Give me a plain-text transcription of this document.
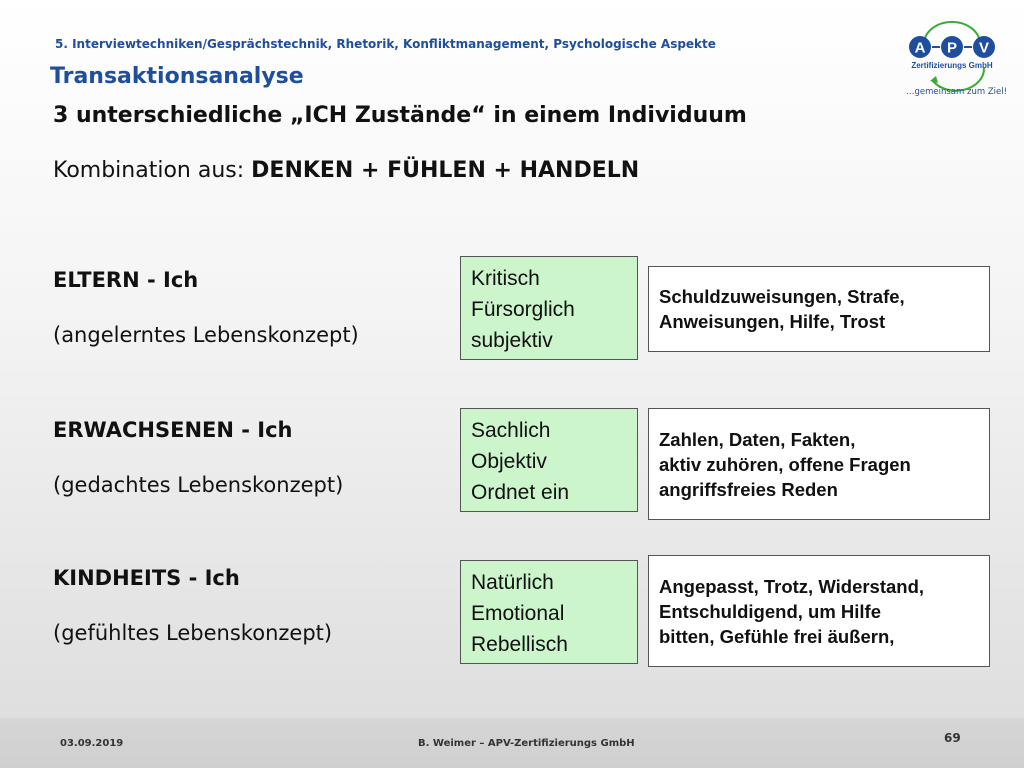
5. Interviewtechniken/Gesprächstechnik, Rhetorik, Konfliktmanagement, Psychologische Aspekte
Transaktionsanalyse
3 unterschiedliche „ICH Zustände“ in einem Individuum
Kombination aus: DENKEN + FÜHLEN + HANDELN
A P V
Zertifizierungs GmbH
…gemeinsam zum Ziel!
ELTERN - Ich
(angelerntes Lebenskonzept)
Kritisch
Fürsorglich
subjektiv
Schuldzuweisungen, Strafe,
Anweisungen, Hilfe, Trost
ERWACHSENEN - Ich
(gedachtes Lebenskonzept)
Sachlich
Objektiv
Ordnet ein
Zahlen, Daten, Fakten,
aktiv zuhören, offene Fragen
angriffsfreies Reden
KINDHEITS - Ich
(gefühltes Lebenskonzept)
Natürlich
Emotional
Rebellisch
Angepasst, Trotz, Widerstand,
Entschuldigend, um Hilfe
bitten, Gefühle frei äußern,
03.09.2019	B. Weimer – APV-Zertifizierungs GmbH	69
